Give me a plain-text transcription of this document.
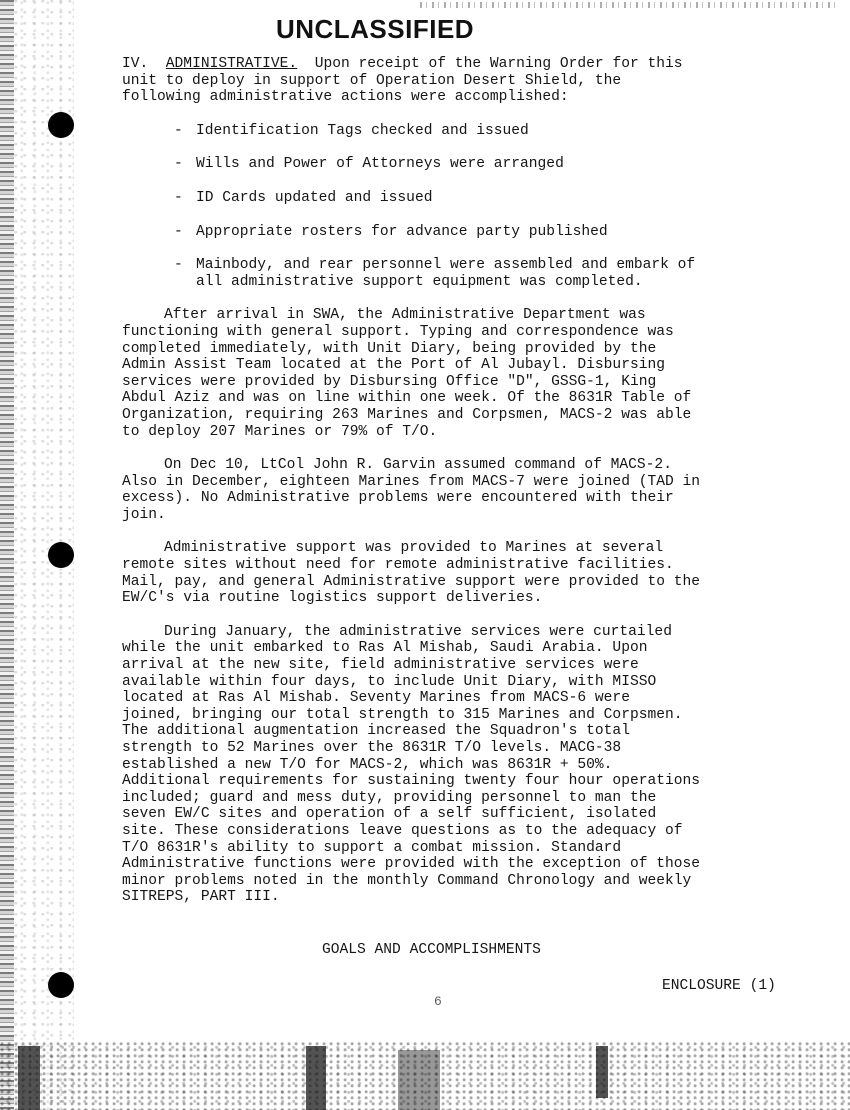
UNCLASSIFIED
IV. ADMINISTRATIVE. Upon receipt of the Warning Order for this
unit to deploy in support of Operation Desert Shield, the
following administrative actions were accomplished:
- Identification Tags checked and issued
- Wills and Power of Attorneys were arranged
- ID Cards updated and issued
- Appropriate rosters for advance party published
- Mainbody, and rear personnel were assembled and embark of
all administrative support equipment was completed.
After arrival in SWA, the Administrative Department was
functioning with general support. Typing and correspondence was
completed immediately, with Unit Diary, being provided by the
Admin Assist Team located at the Port of Al Jubayl. Disbursing
services were provided by Disbursing Office "D", GSSG-1, King
Abdul Aziz and was on line within one week. Of the 8631R Table of
Organization, requiring 263 Marines and Corpsmen, MACS-2 was able
to deploy 207 Marines or 79% of T/O.
On Dec 10, LtCol John R. Garvin assumed command of MACS-2.
Also in December, eighteen Marines from MACS-7 were joined (TAD in
excess). No Administrative problems were encountered with their
join.
Administrative support was provided to Marines at several
remote sites without need for remote administrative facilities.
Mail, pay, and general Administrative support were provided to the
EW/C's via routine logistics support deliveries.
During January, the administrative services were curtailed
while the unit embarked to Ras Al Mishab, Saudi Arabia. Upon
arrival at the new site, field administrative services were
available within four days, to include Unit Diary, with MISSO
located at Ras Al Mishab. Seventy Marines from MACS-6 were
joined, bringing our total strength to 315 Marines and Corpsmen.
The additional augmentation increased the Squadron's total
strength to 52 Marines over the 8631R T/O levels. MACG-38
established a new T/O for MACS-2, which was 8631R + 50%.
Additional requirements for sustaining twenty four hour operations
included; guard and mess duty, providing personnel to man the
seven EW/C sites and operation of a self sufficient, isolated
site. These considerations leave questions as to the adequacy of
T/O 8631R's ability to support a combat mission. Standard
Administrative functions were provided with the exception of those
minor problems noted in the monthly Command Chronology and weekly
SITREPS, PART III.
GOALS AND ACCOMPLISHMENTS
ENCLOSURE (1)
6
